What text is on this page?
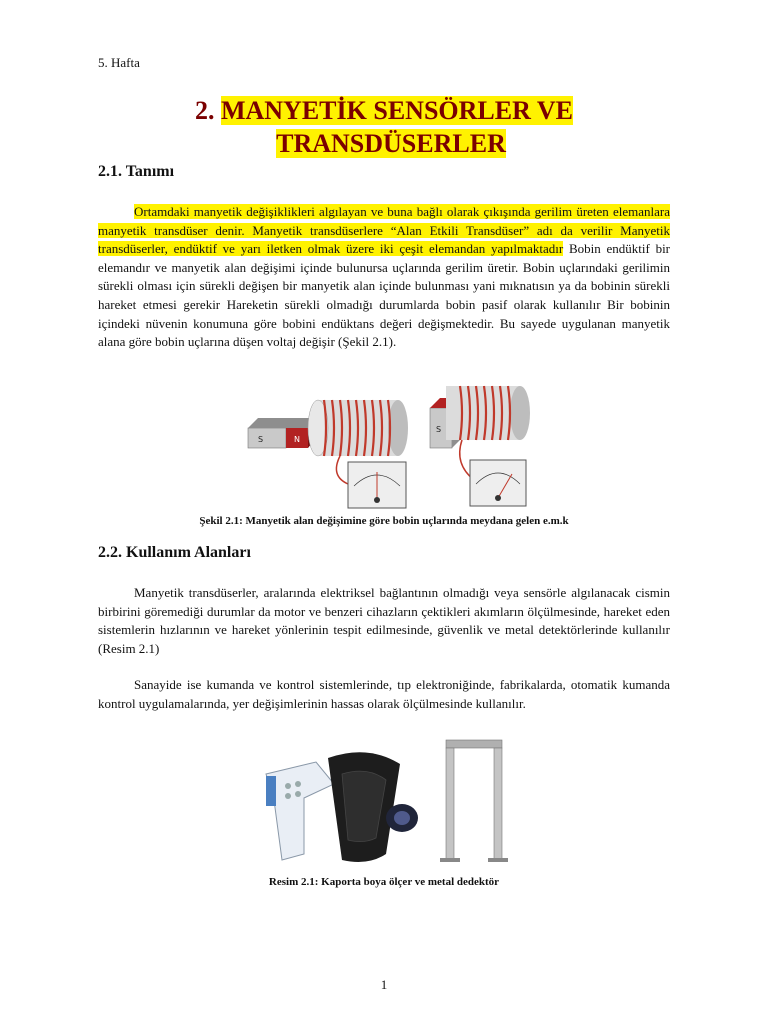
5. Hafta
2. MANYETİK SENSÖRLER VE
TRANSDÜSERLER
2.1. Tanımı
Ortamdaki manyetik değişiklikleri algılayan ve buna bağlı olarak çıkışında gerilim üreten elemanlara manyetik transdüser denir. Manyetik transdüserlere “Alan Etkili Transdüser” adı da verilir Manyetik transdüserler, endüktif ve yarı iletken olmak üzere iki çeşit elemandan yapılmaktadır Bobin endüktif bir elemandır ve manyetik alan değişimi içinde bulunursa uçlarında gerilim üretir. Bobin uçlarındaki gerilimin sürekli olması için sürekli değişen bir manyetik alan içinde bulunması yani mıknatısın ya da bobinin sürekli hareket etmesi gerekir Hareketin sürekli olmadığı durumlarda bobin pasif olarak kullanılır Bir bobinin içindeki nüvenin konumuna göre bobini endüktans değeri değişmektedir. Bu sayede uygulanan manyetik alana göre bobin uçlarına düşen voltaj değişir (Şekil 2.1).
S	N
S
Şekil 2.1: Manyetik alan değişimine göre bobin uçlarında meydana gelen e.m.k
2.2. Kullanım Alanları
Manyetik transdüserler, aralarında elektriksel bağlantının olmadığı veya sensörle algılanacak cismin birbirini göremediği durumlar da motor ve benzeri cihazların çektikleri akımların ölçülmesinde, hareket eden sistemlerin hızlarının ve hareket yönlerinin tespit edilmesinde, güvenlik ve metal detektörlerinde kullanılır (Resim 2.1)
Sanayide ise kumanda ve kontrol sistemlerinde, tıp elektroniğinde, fabrikalarda, otomatik kumanda kontrol uygulamalarında, yer değişimlerinin hassas olarak ölçülmesinde kullanılır.
Resim 2.1: Kaporta boya ölçer ve metal dedektör
1
